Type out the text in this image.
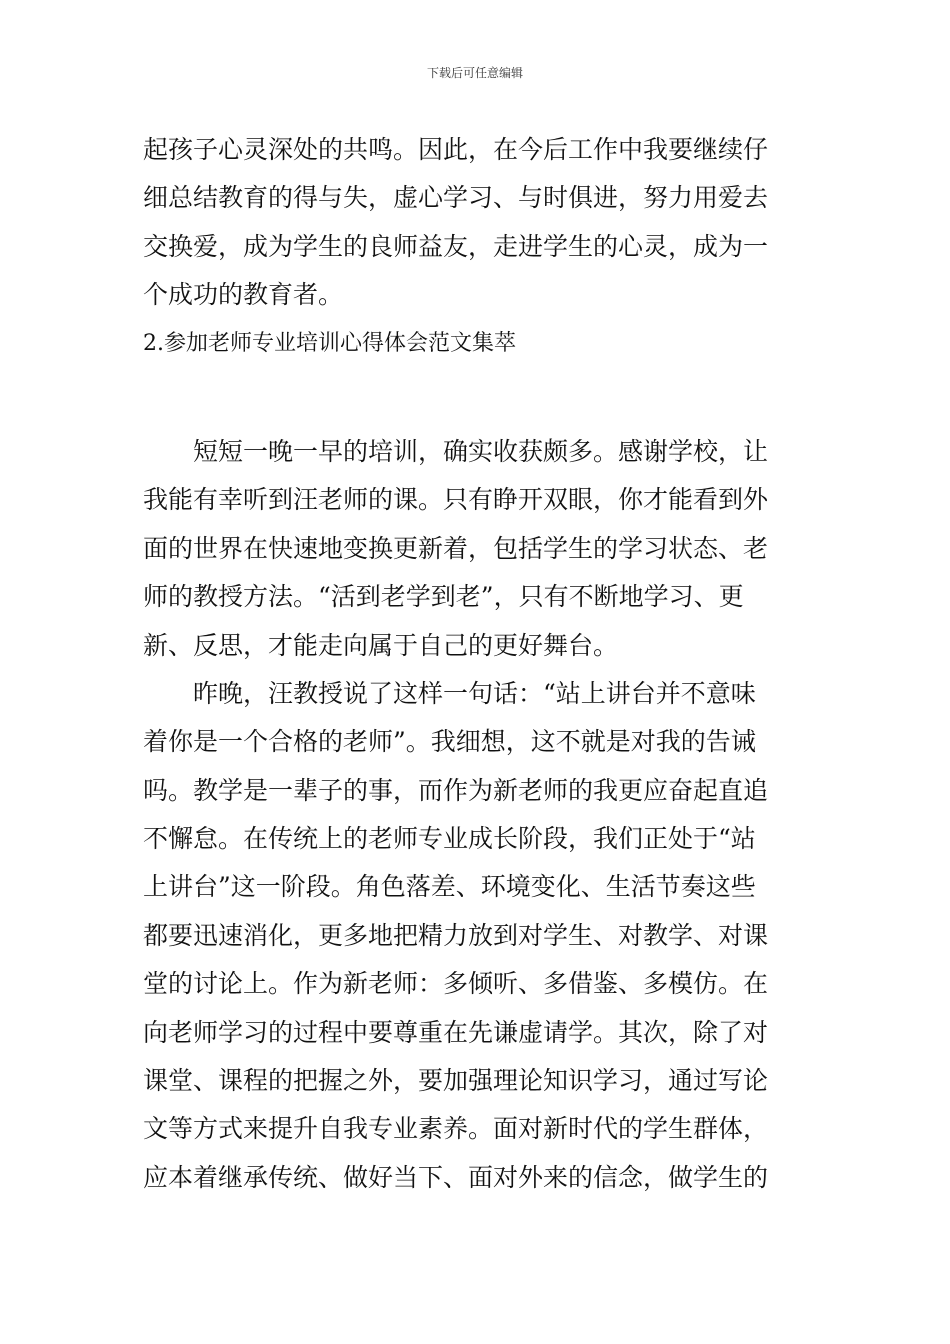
下载后可任意编辑
起孩子心灵深处的共鸣。因此，在今后工作中我要继续仔
细总结教育的得与失，虚心学习、与时俱进，努力用爱去
交换爱，成为学生的良师益友，走进学生的心灵，成为一
个成功的教育者。
2.参加老师专业培训心得体会范文集萃
短短一晚一早的培训，确实收获颇多。感谢学校，让
我能有幸听到汪老师的课。只有睁开双眼，你才能看到外
面的世界在快速地变换更新着，包括学生的学习状态、老
师的教授方法。“活到老学到老”，只有不断地学习、更
新、反思，才能走向属于自己的更好舞台。
昨晚，汪教授说了这样一句话：“站上讲台并不意味
着你是一个合格的老师”。我细想，这不就是对我的告诫
吗。教学是一辈子的事，而作为新老师的我更应奋起直追
不懈怠。在传统上的老师专业成长阶段，我们正处于“站
上讲台”这一阶段。角色落差、环境变化、生活节奏这些
都要迅速消化，更多地把精力放到对学生、对教学、对课
堂的讨论上。作为新老师：多倾听、多借鉴、多模仿。在
向老师学习的过程中要尊重在先谦虚请学。其次，除了对
课堂、课程的把握之外，要加强理论知识学习，通过写论
文等方式来提升自我专业素养。面对新时代的学生群体，
应本着继承传统、做好当下、面对外来的信念，做学生的
